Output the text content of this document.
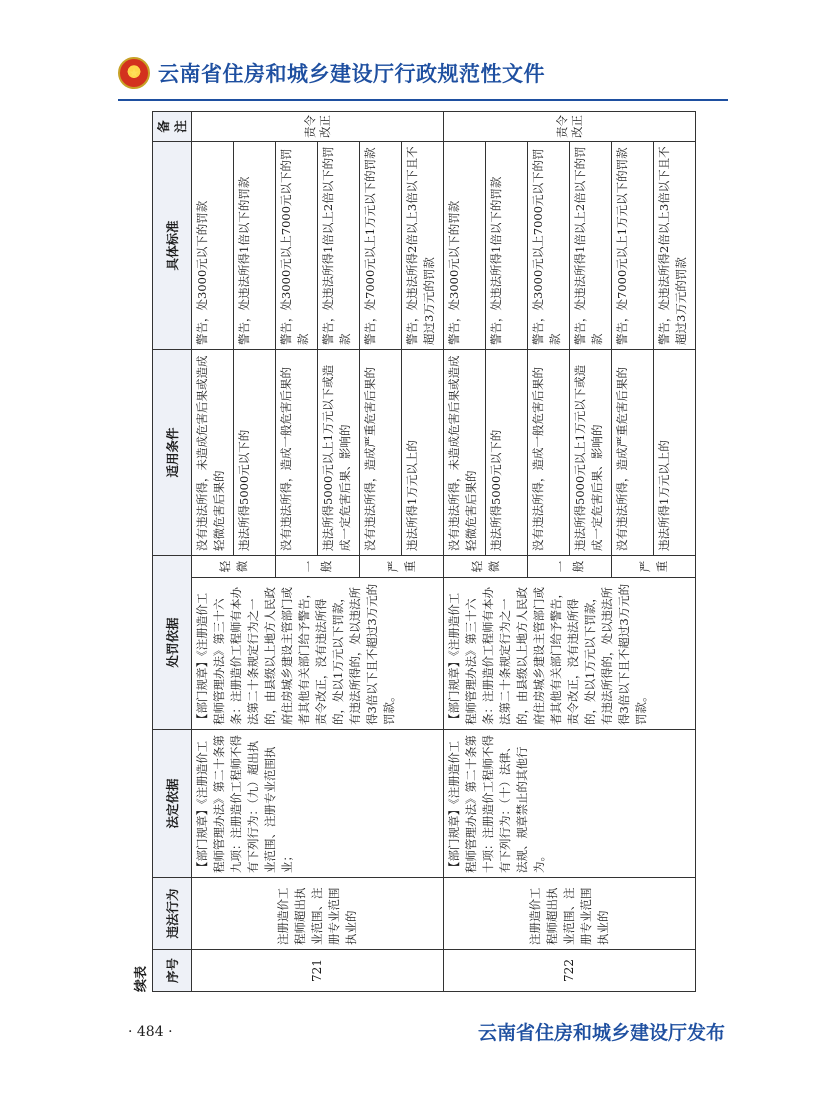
★
云南省住房和城乡建设厅行政规范性文件
续表 序号	违法行为	法定依据	处罚依据		适用条件	具体标准	备注
721	注册造价工程师超出执业范围、注册专业范围执业的	【部门规章】《注册造价工程师管理办法》第二十条第九项：注册造价工程师不得有下列行为：（九）超出执业范围、注册专业范围执业；	【部门规章】《注册造价工程师管理办法》第三十六条：注册造价工程师有本办法第二十条规定行为之一的，由县级以上地方人民政府住房城乡建设主管部门或者其他有关部门给予警告，责令改正，没有违法所得的，处以1万元以下罚款，有违法所得的，处以违法所得3倍以下且不超过3万元的罚款。	轻微	没有违法所得，未造成危害后果或造成轻微危害后果的	警告，处3000元以下的罚款	责令改正

					违法所得5000元以下的	警告，处违法所得1倍以下的罚款	
				一般	没有违法所得，造成一般危害后果的	警告，处3000元以上7000元以下的罚款	
					违法所得5000元以上1万元以下或造成一定危害后果、影响的	警告，处违法所得1倍以上2倍以下的罚款	
				严重	没有违法所得，造成严重危害后果的	警告，处7000元以上1万元以下的罚款	
					违法所得1万元以上的	警告，处违法所得2倍以上3倍以下且不超过3万元的罚款	
722	注册造价工程师超出执业范围、注册专业范围执业的	【部门规章】《注册造价工程师管理办法》第二十条第十项：注册造价工程师不得有下列行为：（十）法律、法规、规章禁止的其他行为。	【部门规章】《注册造价工程师管理办法》第三十六条：注册造价工程师有本办法第二十条规定行为之一的，由县级以上地方人民政府住房城乡建设主管部门或者其他有关部门给予警告，责令改正，没有违法所得的，处以1万元以下罚款，有违法所得的，处以违法所得3倍以下且不超过3万元的罚款。	轻微	没有违法所得，未造成危害后果或造成轻微危害后果的	警告，处3000元以下的罚款	责令改正

					违法所得5000元以下的	警告，处违法所得1倍以下的罚款	
				一般	没有违法所得，造成一般危害后果的	警告，处3000元以上7000元以下的罚款	
					违法所得5000元以上1万元以下或造成一定危害后果、影响的	警告，处违法所得1倍以上2倍以下的罚款	
				严重	没有违法所得，造成严重危害后果的	警告，处7000元以上1万元以下的罚款	
					违法所得1万元以上的	警告，处违法所得2倍以上3倍以下且不超过3万元的罚款	
· 484 ·	云南省住房和城乡建设厅发布
